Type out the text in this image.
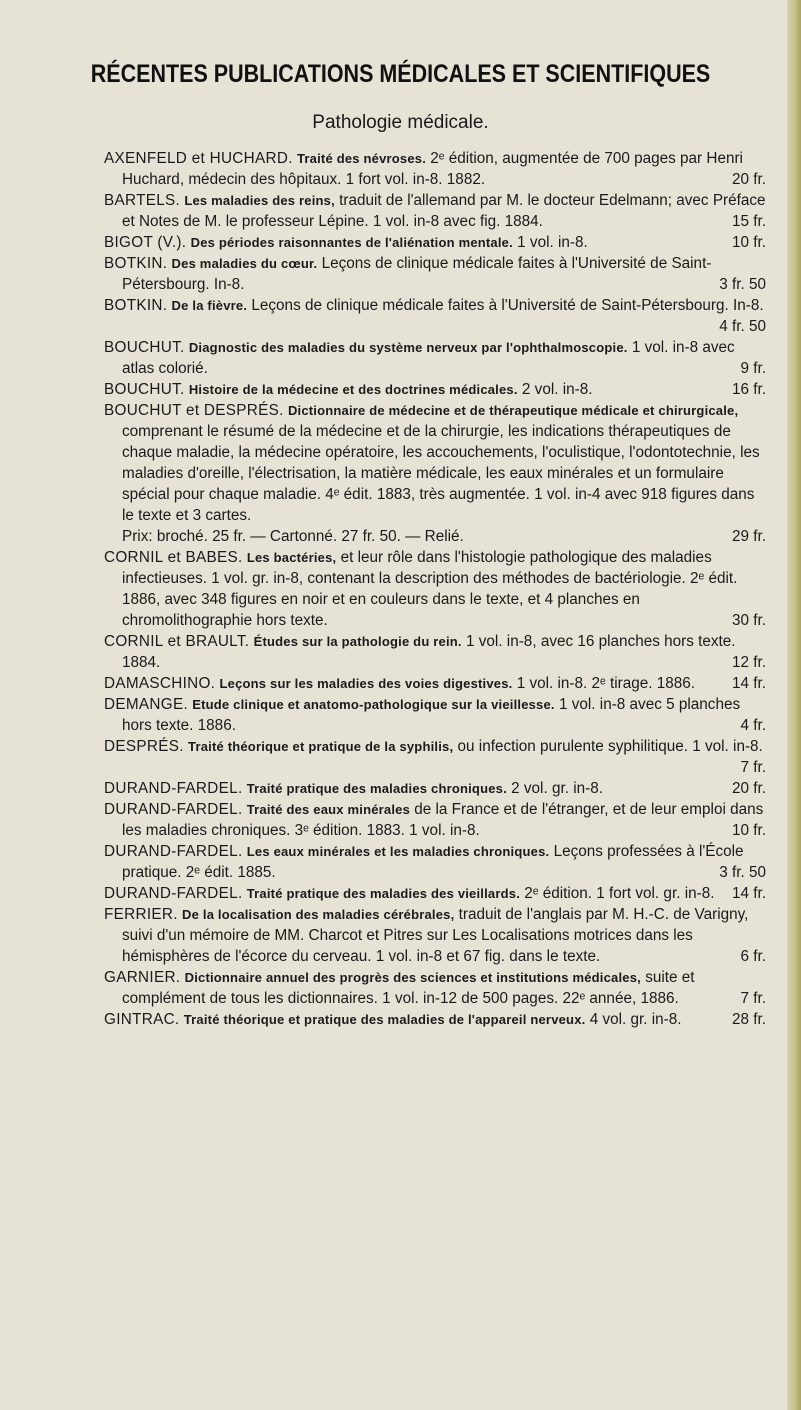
RÉCENTES PUBLICATIONS MÉDICALES ET SCIENTIFIQUES
Pathologie médicale.
AXENFELD et HUCHARD. Traité des névroses. 2ᵉ édition, augmentée de 700 pages par Henri Huchard, médecin des hôpitaux. 1 fort vol. in-8. 1882.	20 fr.
BARTELS. Les maladies des reins, traduit de l'allemand par M. le docteur Edelmann; avec Préface et Notes de M. le professeur Lépine. 1 vol. in-8 avec fig. 1884.	15 fr.
BIGOT (V.). Des périodes raisonnantes de l'aliénation mentale. 1 vol. in-8.	10 fr.
BOTKIN. Des maladies du cœur. Leçons de clinique médicale faites à l'Université de Saint-Pétersbourg. In-8.	3 fr. 50
BOTKIN. De la fièvre. Leçons de clinique médicale faites à l'Université de Saint-Pétersbourg. In-8.
4 fr. 50
BOUCHUT. Diagnostic des maladies du système nerveux par l'ophthalmoscopie. 1 vol. in-8 avec atlas colorié.	9 fr.
BOUCHUT. Histoire de la médecine et des doctrines médicales. 2 vol. in-8.	16 fr.
BOUCHUT et DESPRÉS. Dictionnaire de médecine et de thérapeutique médicale et chirurgicale, comprenant le résumé de la médecine et de la chirurgie, les indications thérapeutiques de chaque maladie, la médecine opératoire, les accouchements, l'oculistique, l'odontotechnie, les maladies d'oreille, l'électrisation, la matière médicale, les eaux minérales et un formulaire spécial pour chaque maladie. 4ᵉ édit. 1883, très augmentée. 1 vol. in-4 avec 918 figures dans le texte et 3 cartes.
Prix: broché. 25 fr. — Cartonné. 27 fr. 50. — Relié.	29 fr.
CORNIL et BABES. Les bactéries, et leur rôle dans l'histologie pathologique des maladies infectieuses. 1 vol. gr. in-8, contenant la description des méthodes de bactériologie. 2ᵉ édit. 1886, avec 348 figures en noir et en couleurs dans le texte, et 4 planches en chromolithographie hors texte.	30 fr.
CORNIL et BRAULT. Études sur la pathologie du rein. 1 vol. in-8, avec 16 planches hors texte. 1884.	12 fr.
DAMASCHINO. Leçons sur les maladies des voies digestives. 1 vol. in-8. 2ᵉ tirage. 1886. 14 fr.
DEMANGE. Etude clinique et anatomo-pathologique sur la vieillesse. 1 vol. in-8 avec 5 planches hors texte. 1886.	4 fr.
DESPRÉS. Traité théorique et pratique de la syphilis, ou infection purulente syphilitique. 1 vol. in-8.
7 fr.
DURAND-FARDEL. Traité pratique des maladies chroniques. 2 vol. gr. in-8.	20 fr.
DURAND-FARDEL. Traité des eaux minérales de la France et de l'étranger, et de leur emploi dans les maladies chroniques. 3ᵉ édition. 1883. 1 vol. in-8.	10 fr.
DURAND-FARDEL. Les eaux minérales et les maladies chroniques. Leçons professées à l'École pratique. 2ᵉ édit. 1885.	3 fr. 50
DURAND-FARDEL. Traité pratique des maladies des vieillards. 2ᵉ édition. 1 fort vol. gr. in-8. 14 fr.
FERRIER. De la localisation des maladies cérébrales, traduit de l'anglais par M. H.-C. de Varigny, suivi d'un mémoire de MM. Charcot et Pitres sur Les Localisations motrices dans les hémisphères de l'écorce du cerveau. 1 vol. in-8 et 67 fig. dans le texte.	6 fr.
GARNIER. Dictionnaire annuel des progrès des sciences et institutions médicales, suite et complément de tous les dictionnaires. 1 vol. in-12 de 500 pages. 22ᵉ année, 1886.	7 fr.
GINTRAC. Traité théorique et pratique des maladies de l'appareil nerveux. 4 vol. gr. in-8.	28 fr.
